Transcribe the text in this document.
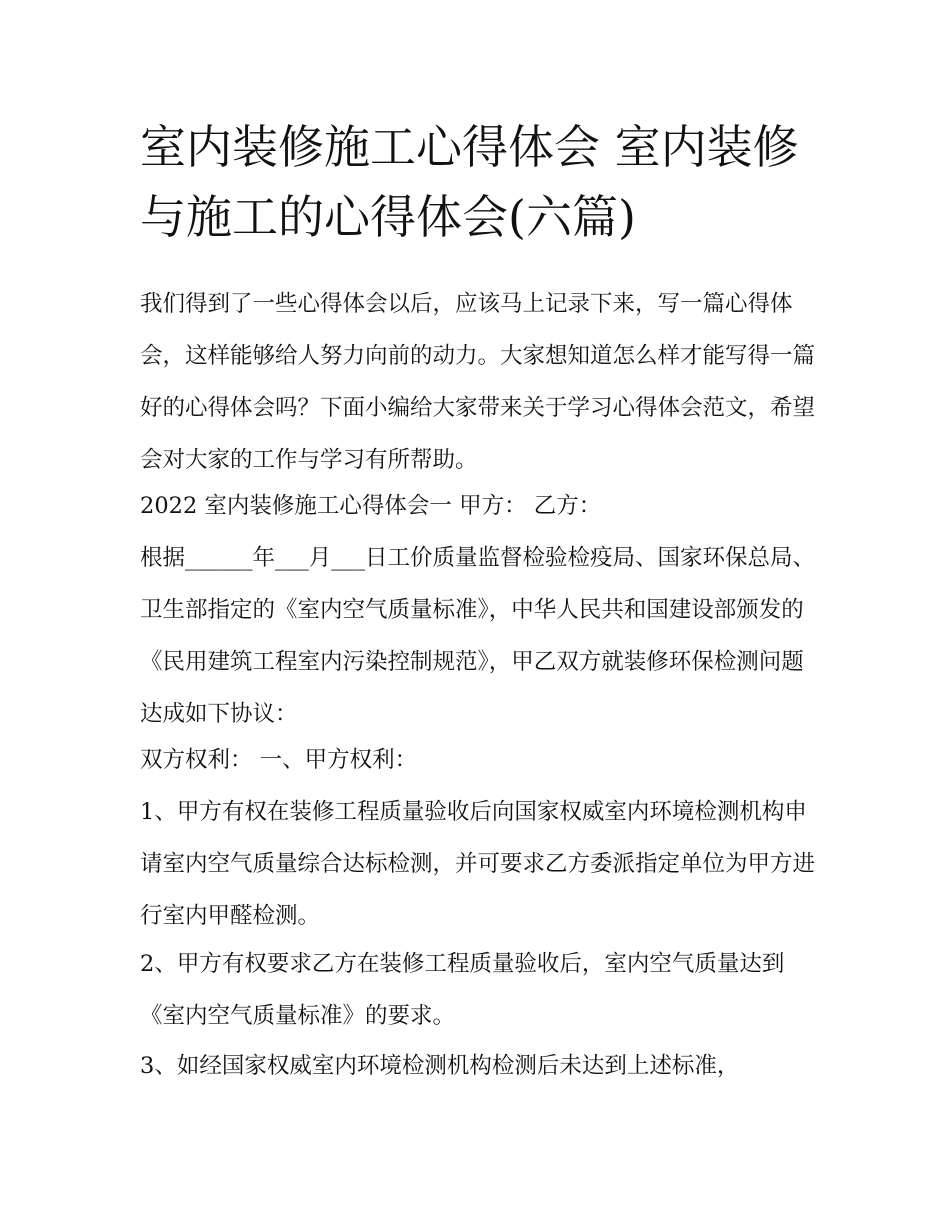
室内装修施工心得体会 室内装修与施工的心得体会(六篇)

我们得到了一些心得体会以后，应该马上记录下来，写一篇心得体会，这样能够给人努力向前的动力。大家想知道怎么样才能写得一篇好的心得体会吗？下面小编给大家带来关于学习心得体会范文，希望会对大家的工作与学习有所帮助。

2022 室内装修施工心得体会一 甲方： 乙方：

根据______年___月___日工价质量监督检验检疫局、国家环保总局、卫生部指定的《室内空气质量标准》，中华人民共和国建设部颁发的《民用建筑工程室内污染控制规范》，甲乙双方就装修环保检测问题达成如下协议：

双方权利： 一、甲方权利：

1、甲方有权在装修工程质量验收后向国家权威室内环境检测机构申请室内空气质量综合达标检测，并可要求乙方委派指定单位为甲方进行室内甲醛检测。

2、甲方有权要求乙方在装修工程质量验收后，室内空气质量达到《室内空气质量标准》的要求。

3、如经国家权威室内环境检测机构检测后未达到上述标准，
